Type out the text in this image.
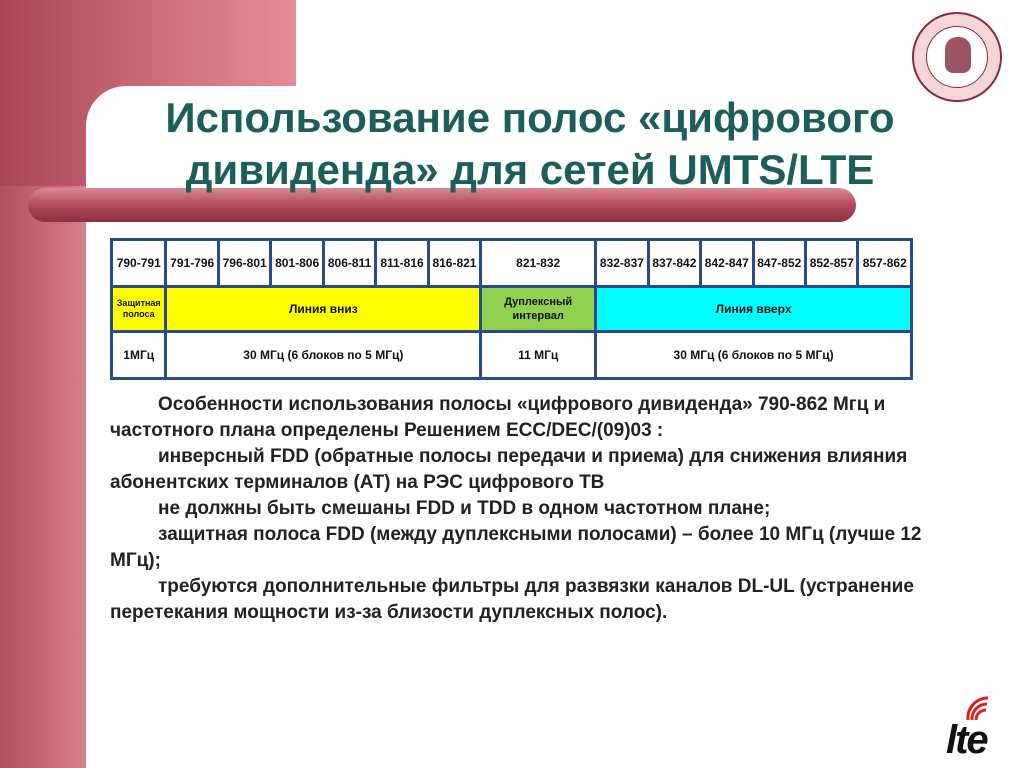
Использование полос «цифрового
дивиденда» для сетей UMTS/LTE
790-791	791-796	796-801	801-806	806-811	811-816	816-821	821-832	832-837	837-842	842-847	847-852	852-857	857-862
Защитная полоса	Линия вниз						Дуплексный интервал	Линия вверх					
1МГц	30 МГц (6 блоков по 5 МГц)						11 МГц	30 МГц (6 блоков по 5 МГц)					

Особенности использования полосы «цифрового дивиденда» 790-862 Мгц и частотного плана определены Решением ECC/DEC/(09)03 :

инверсный FDD (обратные полосы передачи и приема) для снижения влияния абонентских терминалов (АТ) на РЭС цифрового ТВ

не должны быть смешаны FDD и TDD в одном частотном плане;

защитная полоса FDD (между дуплексными полосами) – более 10 МГц (лучше 12 МГц);

требуются дополнительные фильтры для развязки каналов DL-UL (устранение перетекания мощности из-за близости дуплексных полос).

lte
